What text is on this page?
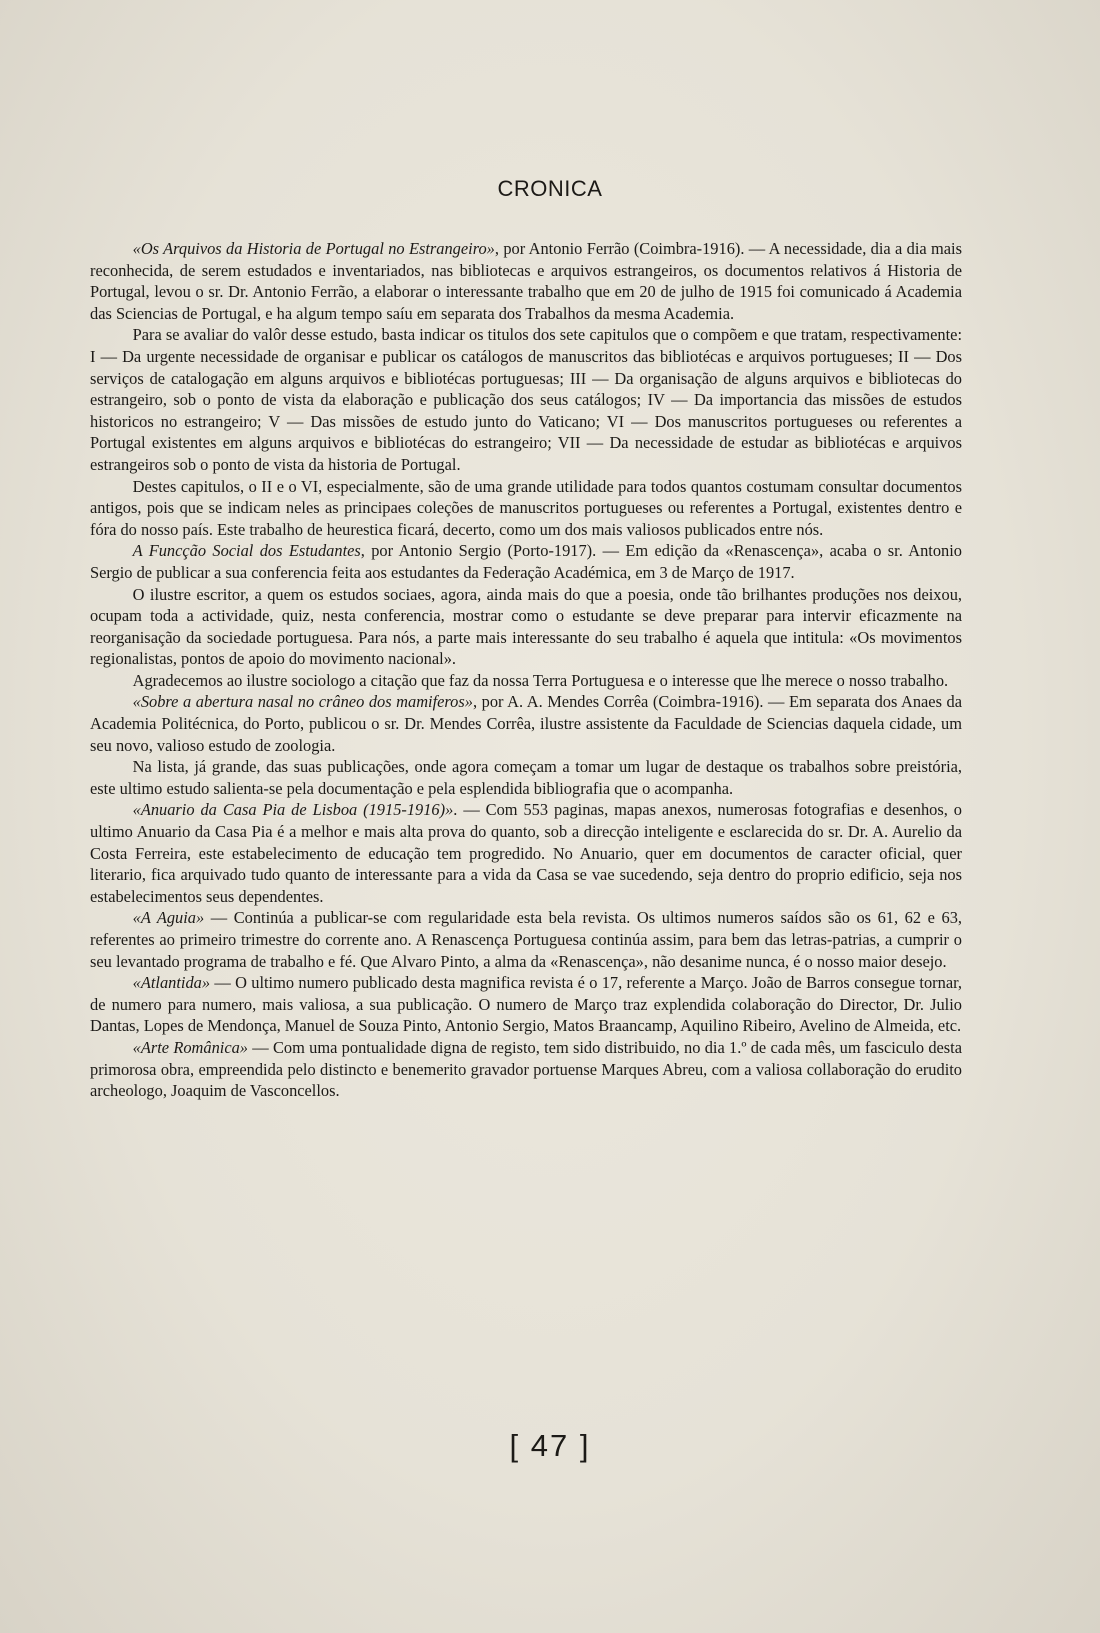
CRONICA

«Os Arquivos da Historia de Portugal no Estrangeiro», por Antonio Ferrão (Coimbra-1916). — A necessidade, dia a dia mais reconhecida, de serem estudados e inventariados, nas bibliotecas e arquivos estrangeiros, os documentos relativos á Historia de Portugal, levou o sr. Dr. Antonio Ferrão, a elaborar o interessante trabalho que em 20 de julho de 1915 foi comunicado á Academia das Sciencias de Portugal, e ha algum tempo saíu em separata dos Trabalhos da mesma Academia.

Para se avaliar do valôr desse estudo, basta indicar os titulos dos sete capitulos que o compõem e que tratam, respectivamente: I — Da urgente necessidade de organisar e publicar os catálogos de manuscritos das bibliotécas e arquivos portugueses; II — Dos serviços de catalogação em alguns arquivos e bibliotécas portuguesas; III — Da organisação de alguns arquivos e bibliotecas do estrangeiro, sob o ponto de vista da elaboração e publicação dos seus catálogos; IV — Da importancia das missões de estudos historicos no estrangeiro; V — Das missões de estudo junto do Vaticano; VI — Dos manuscritos portugueses ou referentes a Portugal existentes em alguns arquivos e bibliotécas do estrangeiro; VII — Da necessidade de estudar as bibliotécas e arquivos estrangeiros sob o ponto de vista da historia de Portugal.

Destes capitulos, o II e o VI, especialmente, são de uma grande utilidade para todos quantos costumam consultar documentos antigos, pois que se indicam neles as principaes coleções de manuscritos portugueses ou referentes a Portugal, existentes dentro e fóra do nosso país. Este trabalho de heurestica ficará, decerto, como um dos mais valiosos publicados entre nós.

A Funcção Social dos Estudantes, por Antonio Sergio (Porto-1917). — Em edição da «Renascença», acaba o sr. Antonio Sergio de publicar a sua conferencia feita aos estudantes da Federação Académica, em 3 de Março de 1917.

O ilustre escritor, a quem os estudos sociaes, agora, ainda mais do que a poesia, onde tão brilhantes produções nos deixou, ocupam toda a actividade, quiz, nesta conferencia, mostrar como o estudante se deve preparar para intervir eficazmente na reorganisação da sociedade portuguesa. Para nós, a parte mais interessante do seu trabalho é aquela que intitula: «Os movimentos regionalistas, pontos de apoio do movimento nacional».

Agradecemos ao ilustre sociologo a citação que faz da nossa Terra Portuguesa e o interesse que lhe merece o nosso trabalho.

«Sobre a abertura nasal no crâneo dos mamiferos», por A. A. Mendes Corrêa (Coimbra-1916). — Em separata dos Anaes da Academia Politécnica, do Porto, publicou o sr. Dr. Mendes Corrêa, ilustre assistente da Faculdade de Sciencias daquela cidade, um seu novo, valioso estudo de zoologia.

Na lista, já grande, das suas publicações, onde agora começam a tomar um lugar de destaque os trabalhos sobre preistória, este ultimo estudo salienta-se pela documentação e pela esplendida bibliografia que o acompanha.

«Anuario da Casa Pia de Lisboa (1915-1916)». — Com 553 paginas, mapas anexos, numerosas fotografias e desenhos, o ultimo Anuario da Casa Pia é a melhor e mais alta prova do quanto, sob a direcção inteligente e esclarecida do sr. Dr. A. Aurelio da Costa Ferreira, este estabelecimento de educação tem progredido. No Anuario, quer em documentos de caracter oficial, quer literario, fica arquivado tudo quanto de interessante para a vida da Casa se vae sucedendo, seja dentro do proprio edificio, seja nos estabelecimentos seus dependentes.

«A Aguia» — Continúa a publicar-se com regularidade esta bela revista. Os ultimos numeros saídos são os 61, 62 e 63, referentes ao primeiro trimestre do corrente ano. A Renascença Portuguesa continúa assim, para bem das letras-patrias, a cumprir o seu levantado programa de trabalho e fé. Que Alvaro Pinto, a alma da «Renascença», não desanime nunca, é o nosso maior desejo.

«Atlantida» — O ultimo numero publicado desta magnifica revista é o 17, referente a Março. João de Barros consegue tornar, de numero para numero, mais valiosa, a sua publicação. O numero de Março traz explendida colaboração do Director, Dr. Julio Dantas, Lopes de Mendonça, Manuel de Souza Pinto, Antonio Sergio, Matos Braancamp, Aquilino Ribeiro, Avelino de Almeida, etc.

«Arte Românica» — Com uma pontualidade digna de registo, tem sido distribuido, no dia 1.º de cada mês, um fasciculo desta primorosa obra, empreendida pelo distincto e benemerito gravador portuense Marques Abreu, com a valiosa collaboração do erudito archeologo, Joaquim de Vasconcellos.

[ 47 ]
